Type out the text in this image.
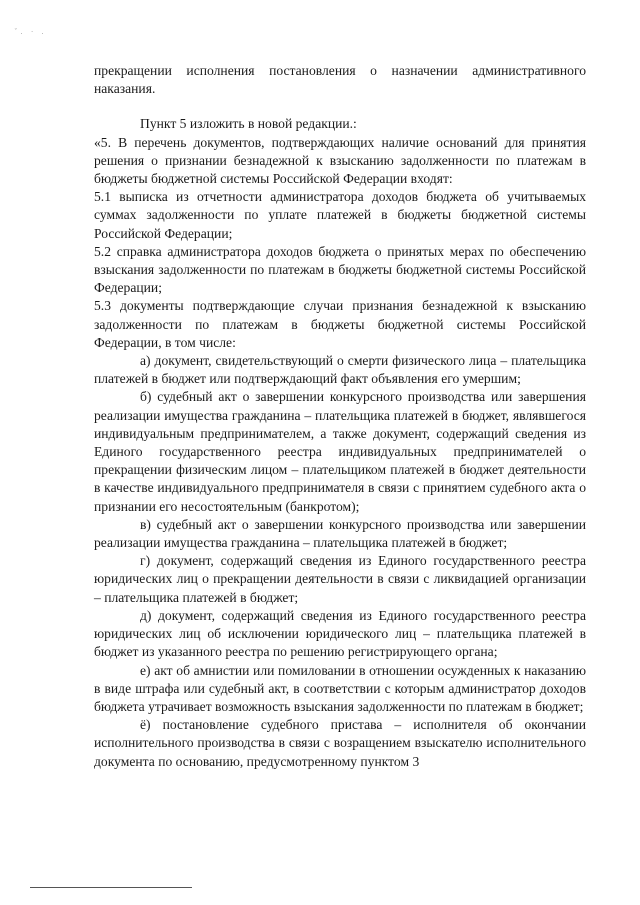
ˇ. · .

прекращении исполнения постановления о назначении административного наказания.

Пункт 5 изложить в новой редакции.:

«5. В перечень документов, подтверждающих наличие оснований для принятия решения о признании безнадежной к взысканию задолженности по платежам в бюджеты бюджетной системы Российской Федерации входят:

5.1 выписка из отчетности администратора доходов бюджета об учитываемых суммах задолженности по уплате платежей в бюджеты бюджетной системы Российской Федерации;

5.2 справка администратора доходов бюджета о принятых мерах по обеспечению взыскания задолженности по платежам в бюджеты бюджетной системы Российской Федерации;

5.3 документы подтверждающие случаи признания безнадежной к взысканию задолженности по платежам в бюджеты бюджетной системы Российской Федерации, в том числе:

а) документ, свидетельствующий о смерти физического лица – плательщика платежей в бюджет или подтверждающий факт объявления его умершим;

б) судебный акт о завершении конкурсного производства или завершения реализации имущества гражданина – плательщика платежей в бюджет, являвшегося индивидуальным предпринимателем, а также документ, содержащий сведения из Единого государственного реестра индивидуальных предпринимателей о прекращении физическим лицом – плательщиком платежей в бюджет деятельности в качестве индивидуального предпринимателя в связи с принятием судебного акта о признании его несостоятельным (банкротом);

в) судебный акт о завершении конкурсного производства или завершении реализации имущества гражданина – плательщика платежей в бюджет;

г) документ, содержащий сведения из Единого государственного реестра юридических лиц о прекращении деятельности в связи с ликвидацией организации – плательщика платежей в бюджет;

д) документ, содержащий сведения из Единого государственного реестра юридических лиц об исключении юридического лиц – плательщика платежей в бюджет из указанного реестра по решению регистрирующего органа;

е) акт об амнистии или помиловании в отношении осужденных к наказанию в виде штрафа или судебный акт, в соответствии с которым администратор доходов бюджета утрачивает возможность взыскания задолженности по платежам в бюджет;

ё) постановление судебного пристава – исполнителя об окончании исполнительного производства в связи с возращением взыскателю исполнительного документа по основанию, предусмотренному пунктом 3
